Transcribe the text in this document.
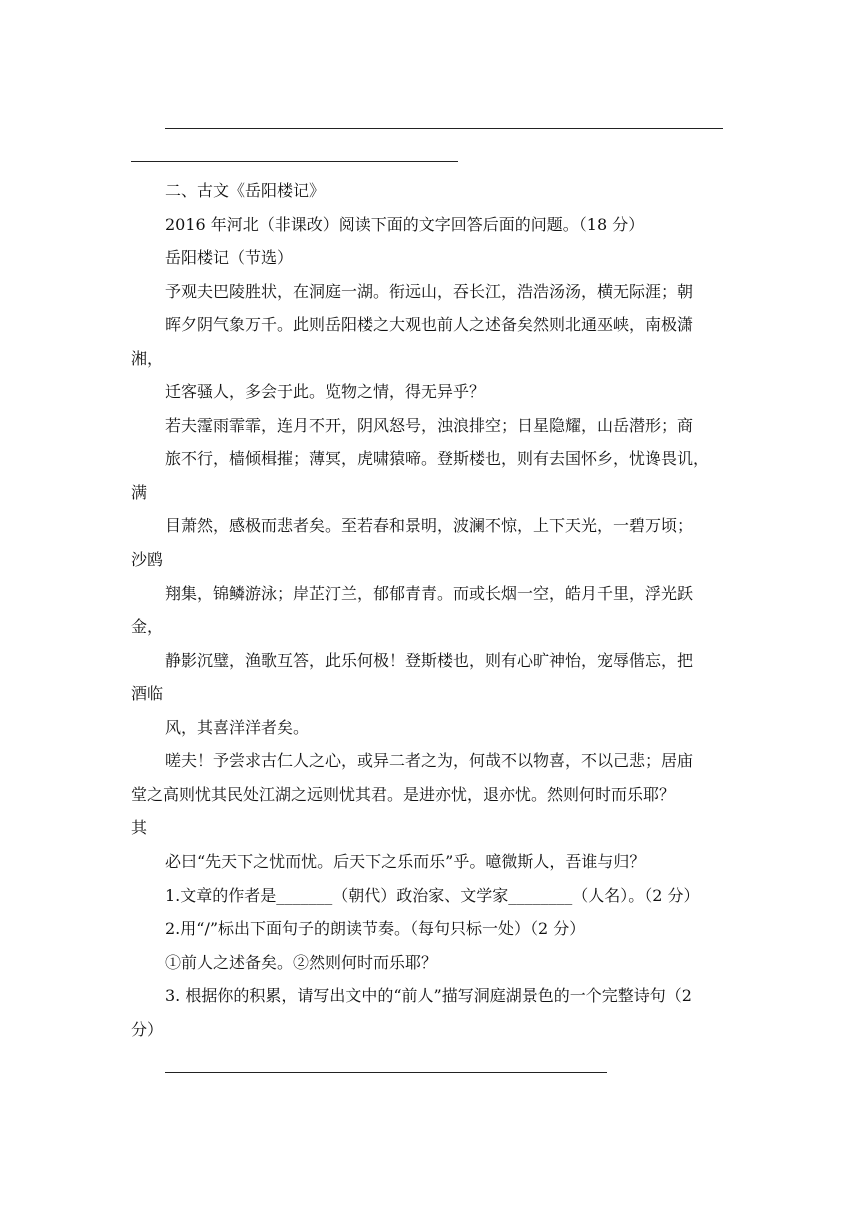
二、古文《岳阳楼记》
2016 年河北（非课改）阅读下面的文字回答后面的问题。（18 分）
岳阳楼记（节选）
予观夫巴陵胜状，在洞庭一湖。衔远山，吞长江，浩浩汤汤，横无际涯；朝
晖夕阴气象万千。此则岳阳楼之大观也前人之述备矣然则北通巫峡，南极潇
湘，
迁客骚人，多会于此。览物之情，得无异乎？
若夫霪雨霏霏，连月不开，阴风怒号，浊浪排空；日星隐耀，山岳潜形；商
旅不行，樯倾楫摧；薄冥，虎啸猿啼。登斯楼也，则有去国怀乡，忧谗畏讥，
满
目萧然，感极而悲者矣。至若春和景明，波澜不惊，上下天光，一碧万顷；
沙鸥
翔集，锦鳞游泳；岸芷汀兰，郁郁青青。而或长烟一空，皓月千里，浮光跃
金，
静影沉璧，渔歌互答，此乐何极！登斯楼也，则有心旷神怡，宠辱偕忘，把
酒临
风，其喜洋洋者矣。
嗟夫！予尝求古仁人之心，或异二者之为，何哉不以物喜，不以己悲；居庙
堂之高则忧其民处江湖之远则忧其君。是进亦忧，退亦忧。然则何时而乐耶？
其
必曰“先天下之忧而忧。后天下之乐而乐”乎。噫微斯人，吾谁与归？
1.文章的作者是_______（朝代）政治家、文学家________（人名）。（2 分）
2.用“/”标出下面句子的朗读节奏。（每句只标一处）（2 分）
①前人之述备矣。②然则何时而乐耶？
3. 根据你的积累，请写出文中的“前人”描写洞庭湖景色的一个完整诗句（2
分）
